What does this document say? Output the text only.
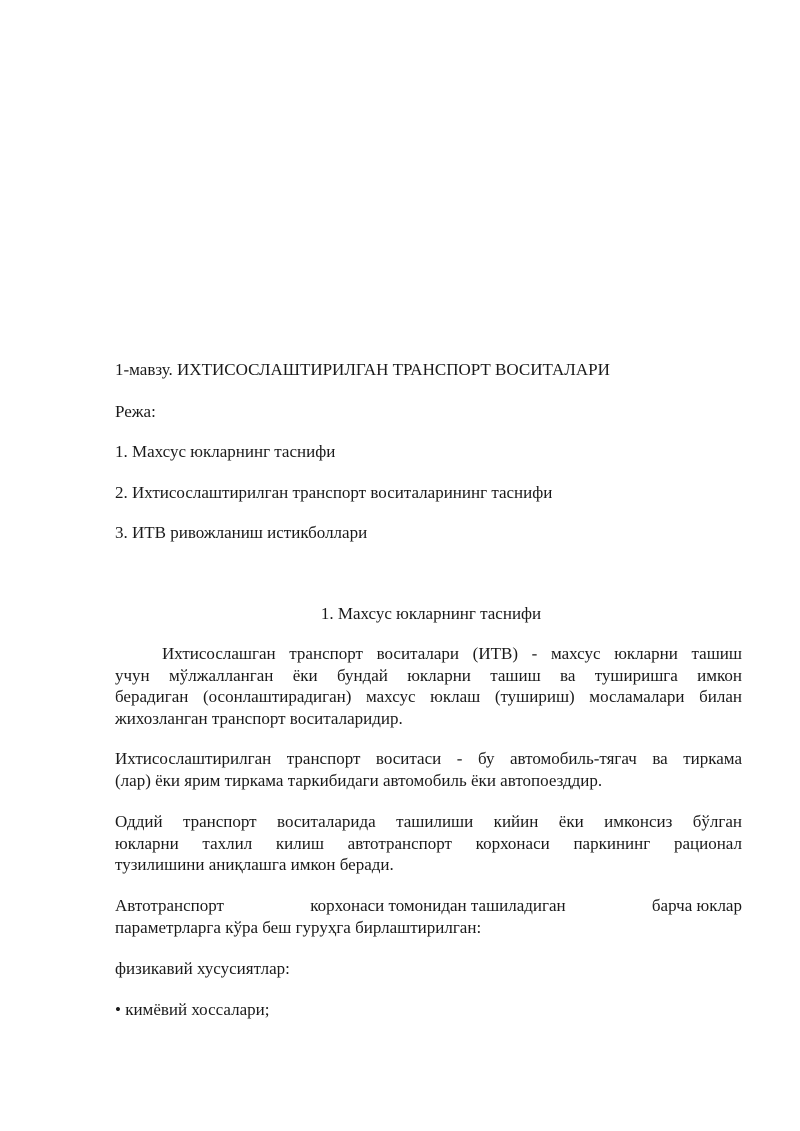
1-мавзу. ИХТИСОСЛАШТИРИЛГАН ТРАНСПОРТ ВОСИТАЛАРИ
Режа:
1. Махсус юкларнинг таснифи
2. Ихтисослаштирилган транспорт воситаларининг таснифи
3. ИТВ ривожланиш истикболлари
1. Махсус юкларнинг таснифи
Ихтисослашган транспорт воситалари (ИТВ) - махсус юкларни ташиш
учун мўлжалланган ёки бундай юкларни ташиш ва туширишга имкон
берадиган (осонлаштирадиган) махсус юклаш (тушириш) мосламалари билан
жихозланган транспорт воситаларидир.
Ихтисослаштирилган транспорт воситаси - бу автомобиль-тягач ва тиркама
(лар) ёки ярим тиркама таркибидаги автомобиль ёки автопоезддир.
Оддий транспорт воситаларида ташилиши кийин ёки имконсиз бўлган
юкларни тахлил килиш автотранспорт корхонаси паркининг рационал
тузилишини аниқлашга имкон беради.
Автотранспорт	корхонаси томонидан ташиладиган	барча юклар
параметрларга кўра беш гуруҳга бирлаштирилган:
физикавий хусусиятлар:
• кимёвий хоссалари;
